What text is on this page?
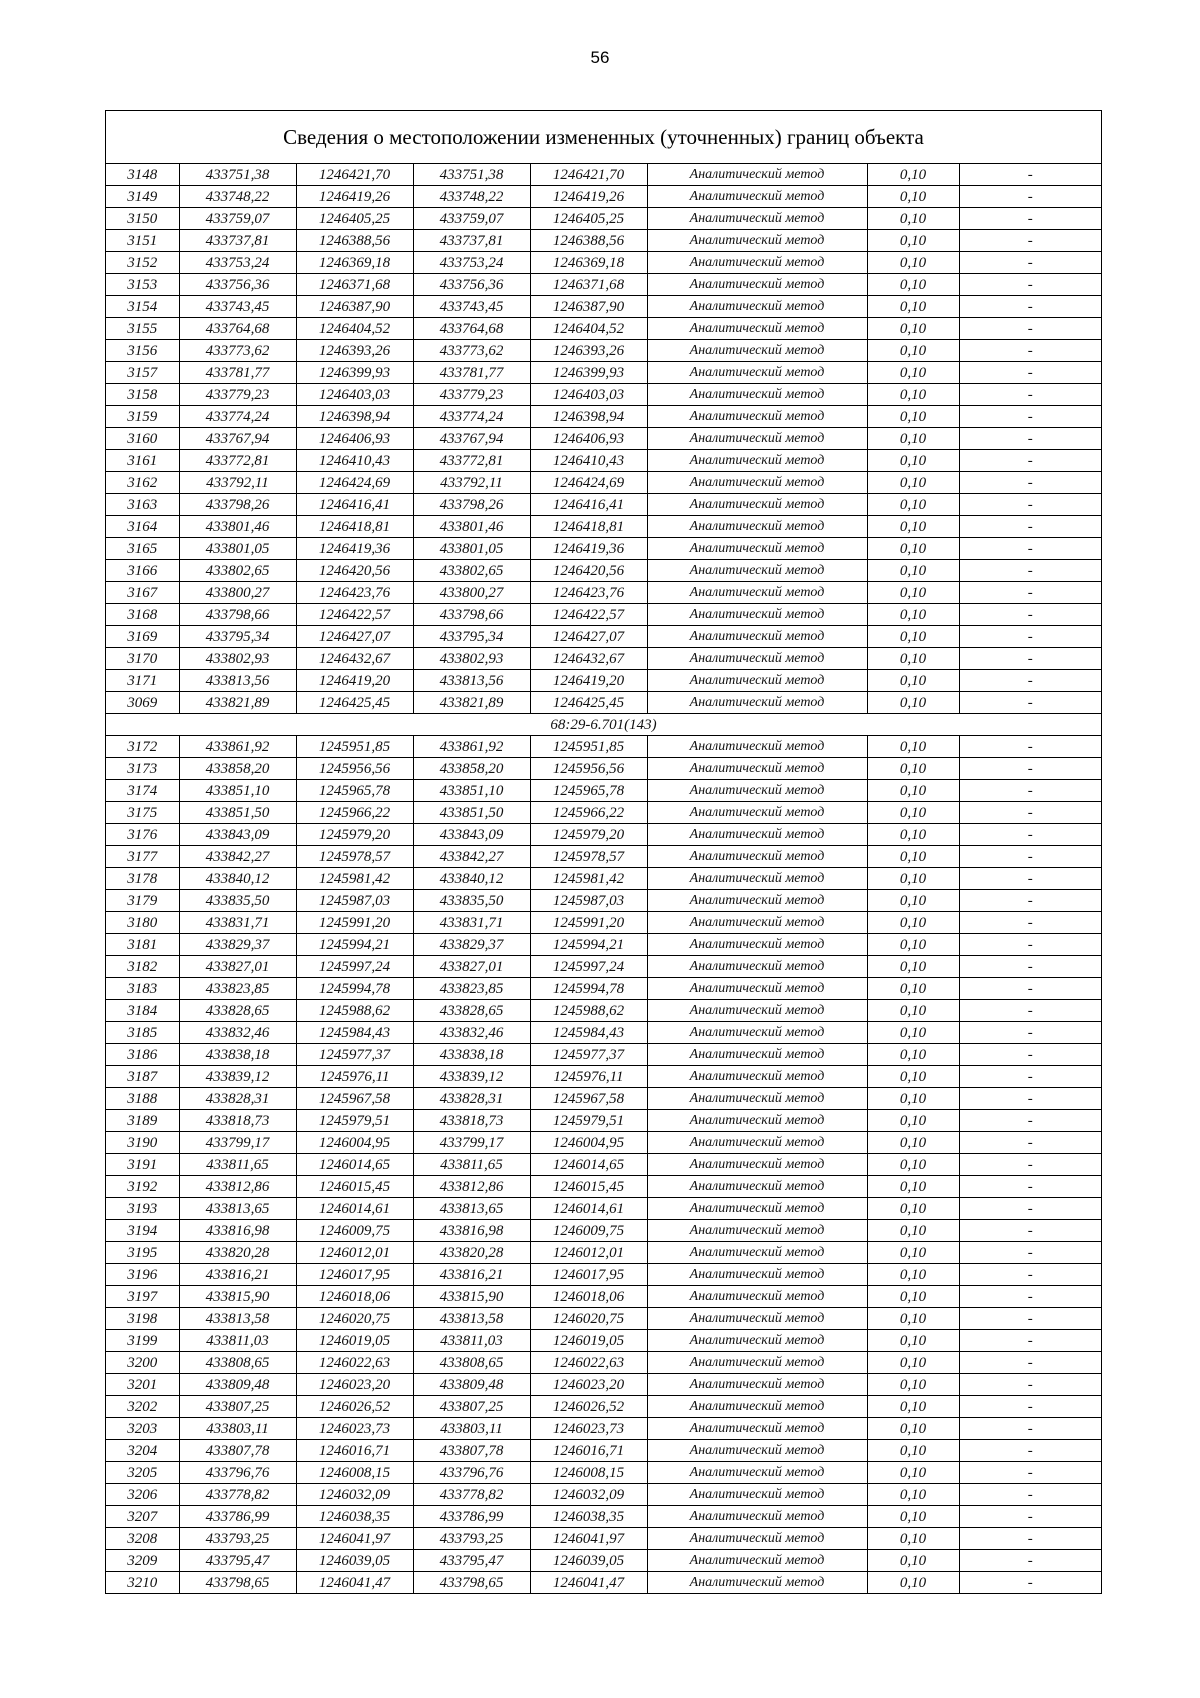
56
Сведения о местоположении измененных (уточненных) границ объекта
3148	433751,38	1246421,70	433751,38	1246421,70	Аналитический метод	0,10	-
3149	433748,22	1246419,26	433748,22	1246419,26	Аналитический метод	0,10	-
3150	433759,07	1246405,25	433759,07	1246405,25	Аналитический метод	0,10	-
3151	433737,81	1246388,56	433737,81	1246388,56	Аналитический метод	0,10	-
3152	433753,24	1246369,18	433753,24	1246369,18	Аналитический метод	0,10	-
3153	433756,36	1246371,68	433756,36	1246371,68	Аналитический метод	0,10	-
3154	433743,45	1246387,90	433743,45	1246387,90	Аналитический метод	0,10	-
3155	433764,68	1246404,52	433764,68	1246404,52	Аналитический метод	0,10	-
3156	433773,62	1246393,26	433773,62	1246393,26	Аналитический метод	0,10	-
3157	433781,77	1246399,93	433781,77	1246399,93	Аналитический метод	0,10	-
3158	433779,23	1246403,03	433779,23	1246403,03	Аналитический метод	0,10	-
3159	433774,24	1246398,94	433774,24	1246398,94	Аналитический метод	0,10	-
3160	433767,94	1246406,93	433767,94	1246406,93	Аналитический метод	0,10	-
3161	433772,81	1246410,43	433772,81	1246410,43	Аналитический метод	0,10	-
3162	433792,11	1246424,69	433792,11	1246424,69	Аналитический метод	0,10	-
3163	433798,26	1246416,41	433798,26	1246416,41	Аналитический метод	0,10	-
3164	433801,46	1246418,81	433801,46	1246418,81	Аналитический метод	0,10	-
3165	433801,05	1246419,36	433801,05	1246419,36	Аналитический метод	0,10	-
3166	433802,65	1246420,56	433802,65	1246420,56	Аналитический метод	0,10	-
3167	433800,27	1246423,76	433800,27	1246423,76	Аналитический метод	0,10	-
3168	433798,66	1246422,57	433798,66	1246422,57	Аналитический метод	0,10	-
3169	433795,34	1246427,07	433795,34	1246427,07	Аналитический метод	0,10	-
3170	433802,93	1246432,67	433802,93	1246432,67	Аналитический метод	0,10	-
3171	433813,56	1246419,20	433813,56	1246419,20	Аналитический метод	0,10	-
3069	433821,89	1246425,45	433821,89	1246425,45	Аналитический метод	0,10	-
68:29-6.701(143)							
3172	433861,92	1245951,85	433861,92	1245951,85	Аналитический метод	0,10	-
3173	433858,20	1245956,56	433858,20	1245956,56	Аналитический метод	0,10	-
3174	433851,10	1245965,78	433851,10	1245965,78	Аналитический метод	0,10	-
3175	433851,50	1245966,22	433851,50	1245966,22	Аналитический метод	0,10	-
3176	433843,09	1245979,20	433843,09	1245979,20	Аналитический метод	0,10	-
3177	433842,27	1245978,57	433842,27	1245978,57	Аналитический метод	0,10	-
3178	433840,12	1245981,42	433840,12	1245981,42	Аналитический метод	0,10	-
3179	433835,50	1245987,03	433835,50	1245987,03	Аналитический метод	0,10	-
3180	433831,71	1245991,20	433831,71	1245991,20	Аналитический метод	0,10	-
3181	433829,37	1245994,21	433829,37	1245994,21	Аналитический метод	0,10	-
3182	433827,01	1245997,24	433827,01	1245997,24	Аналитический метод	0,10	-
3183	433823,85	1245994,78	433823,85	1245994,78	Аналитический метод	0,10	-
3184	433828,65	1245988,62	433828,65	1245988,62	Аналитический метод	0,10	-
3185	433832,46	1245984,43	433832,46	1245984,43	Аналитический метод	0,10	-
3186	433838,18	1245977,37	433838,18	1245977,37	Аналитический метод	0,10	-
3187	433839,12	1245976,11	433839,12	1245976,11	Аналитический метод	0,10	-
3188	433828,31	1245967,58	433828,31	1245967,58	Аналитический метод	0,10	-
3189	433818,73	1245979,51	433818,73	1245979,51	Аналитический метод	0,10	-
3190	433799,17	1246004,95	433799,17	1246004,95	Аналитический метод	0,10	-
3191	433811,65	1246014,65	433811,65	1246014,65	Аналитический метод	0,10	-
3192	433812,86	1246015,45	433812,86	1246015,45	Аналитический метод	0,10	-
3193	433813,65	1246014,61	433813,65	1246014,61	Аналитический метод	0,10	-
3194	433816,98	1246009,75	433816,98	1246009,75	Аналитический метод	0,10	-
3195	433820,28	1246012,01	433820,28	1246012,01	Аналитический метод	0,10	-
3196	433816,21	1246017,95	433816,21	1246017,95	Аналитический метод	0,10	-
3197	433815,90	1246018,06	433815,90	1246018,06	Аналитический метод	0,10	-
3198	433813,58	1246020,75	433813,58	1246020,75	Аналитический метод	0,10	-
3199	433811,03	1246019,05	433811,03	1246019,05	Аналитический метод	0,10	-
3200	433808,65	1246022,63	433808,65	1246022,63	Аналитический метод	0,10	-
3201	433809,48	1246023,20	433809,48	1246023,20	Аналитический метод	0,10	-
3202	433807,25	1246026,52	433807,25	1246026,52	Аналитический метод	0,10	-
3203	433803,11	1246023,73	433803,11	1246023,73	Аналитический метод	0,10	-
3204	433807,78	1246016,71	433807,78	1246016,71	Аналитический метод	0,10	-
3205	433796,76	1246008,15	433796,76	1246008,15	Аналитический метод	0,10	-
3206	433778,82	1246032,09	433778,82	1246032,09	Аналитический метод	0,10	-
3207	433786,99	1246038,35	433786,99	1246038,35	Аналитический метод	0,10	-
3208	433793,25	1246041,97	433793,25	1246041,97	Аналитический метод	0,10	-
3209	433795,47	1246039,05	433795,47	1246039,05	Аналитический метод	0,10	-
3210	433798,65	1246041,47	433798,65	1246041,47	Аналитический метод	0,10	-
